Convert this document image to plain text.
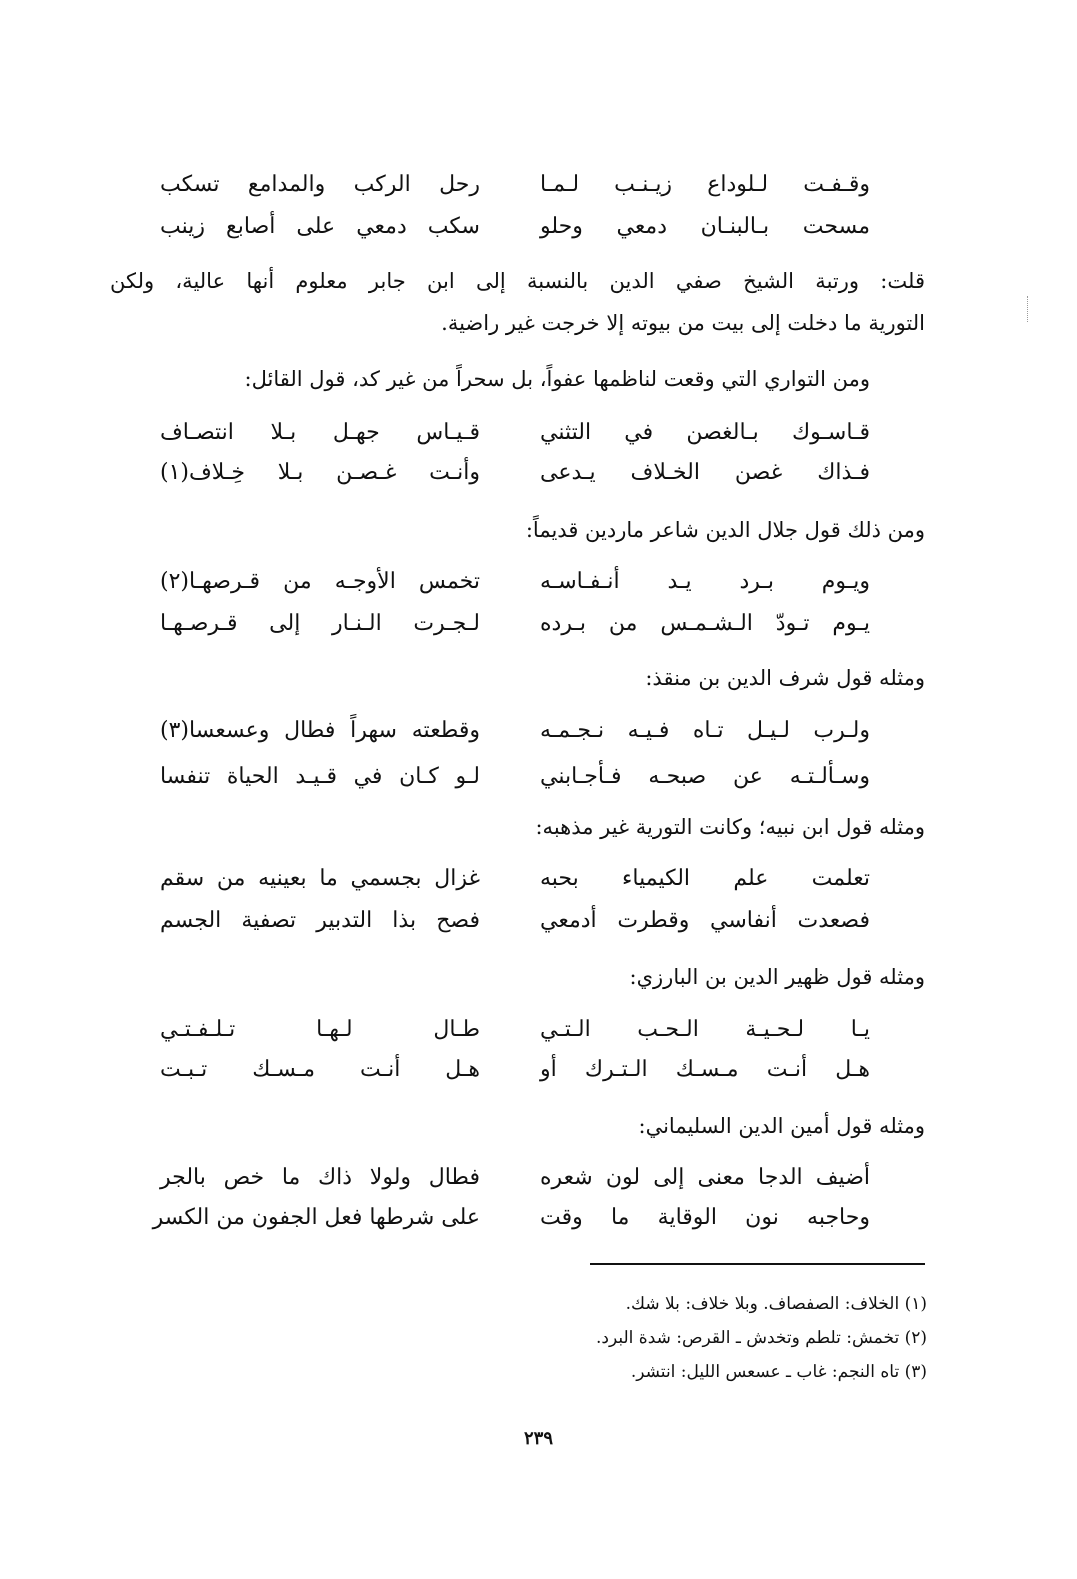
وقـفـت لـلوداع زيـنـب لـمـا
رحل الركب والمدامع تسكب
مسحت بـالبنـان دمعي وحلو
سكب دمعي على أصابع زينب
قلت: ورتبة الشيخ صفي الدين بالنسبة إلى ابن جابر معلوم أنها عالية، ولكن
التورية ما دخلت إلى بيت من بيوته إلا خرجت غير راضية.
ومن التواري التي وقعت لناظمها عفواً، بل سحراً من غير كد، قول القائل:
قـاسـوك بـالغصن في التثني
قـيـاس جهـل بـلا انتصـاف
فـذاك غصن الخـلاف يـدعى
وأنـت غـصـن بـلا خِـلاف(١)
ومن ذلك قول جلال الدين شاعر ماردين قديماً:
ويـوم بـرد يـد أنـفـاسـه
تخمس الأوجـه من قـرصهـا(٢)
يـوم تـودّ الـشـمـس من بـرده
لـجـرت الـنـار إلى قـرصـهـا
ومثله قول شرف الدين بن منقذ:
ولـرب لـيـل تـاه فـيـه نـجـمـه
وقطعته سهراً فطال وعسعسا(٣)
وسـألـتـه عن صبحـه فـأجـابني
لـو كـان في قـيـد الحياة تنفسا
ومثله قول ابن نبيه؛ وكانت التورية غير مذهبه:
تعلمت علم الكيمياء بحبه
غزال بجسمي ما بعينيه من سقم
فصعدت أنفاسي وقطرت أدمعي
فصح بذا التدبير تصفية الجسم
ومثله قول ظهير الدين بن البارزي:
يـا لـحـيـة الـحـب الـتـي
طـال لـهـا تـلـفـتـي
هـل أنـت مـسـك الـتـرك أو
هـل أنـت مـسـك تـبـت
ومثله قول أمين الدين السليماني:
أضيف الدجا معنى إلى لون شعره
فطال ولولا ذاك ما خص بالجر
وحاجبه نون الوقاية ما وقت
على شرطها فعل الجفون من الكسر
(١) الخلاف: الصفصاف. وبلا خلاف: بلا شك.
(٢) تخمش: تلطم وتخدش ـ القرص: شدة البرد.
(٣) تاه النجم: غاب ـ عسعس الليل: انتشر.
٢٣٩
